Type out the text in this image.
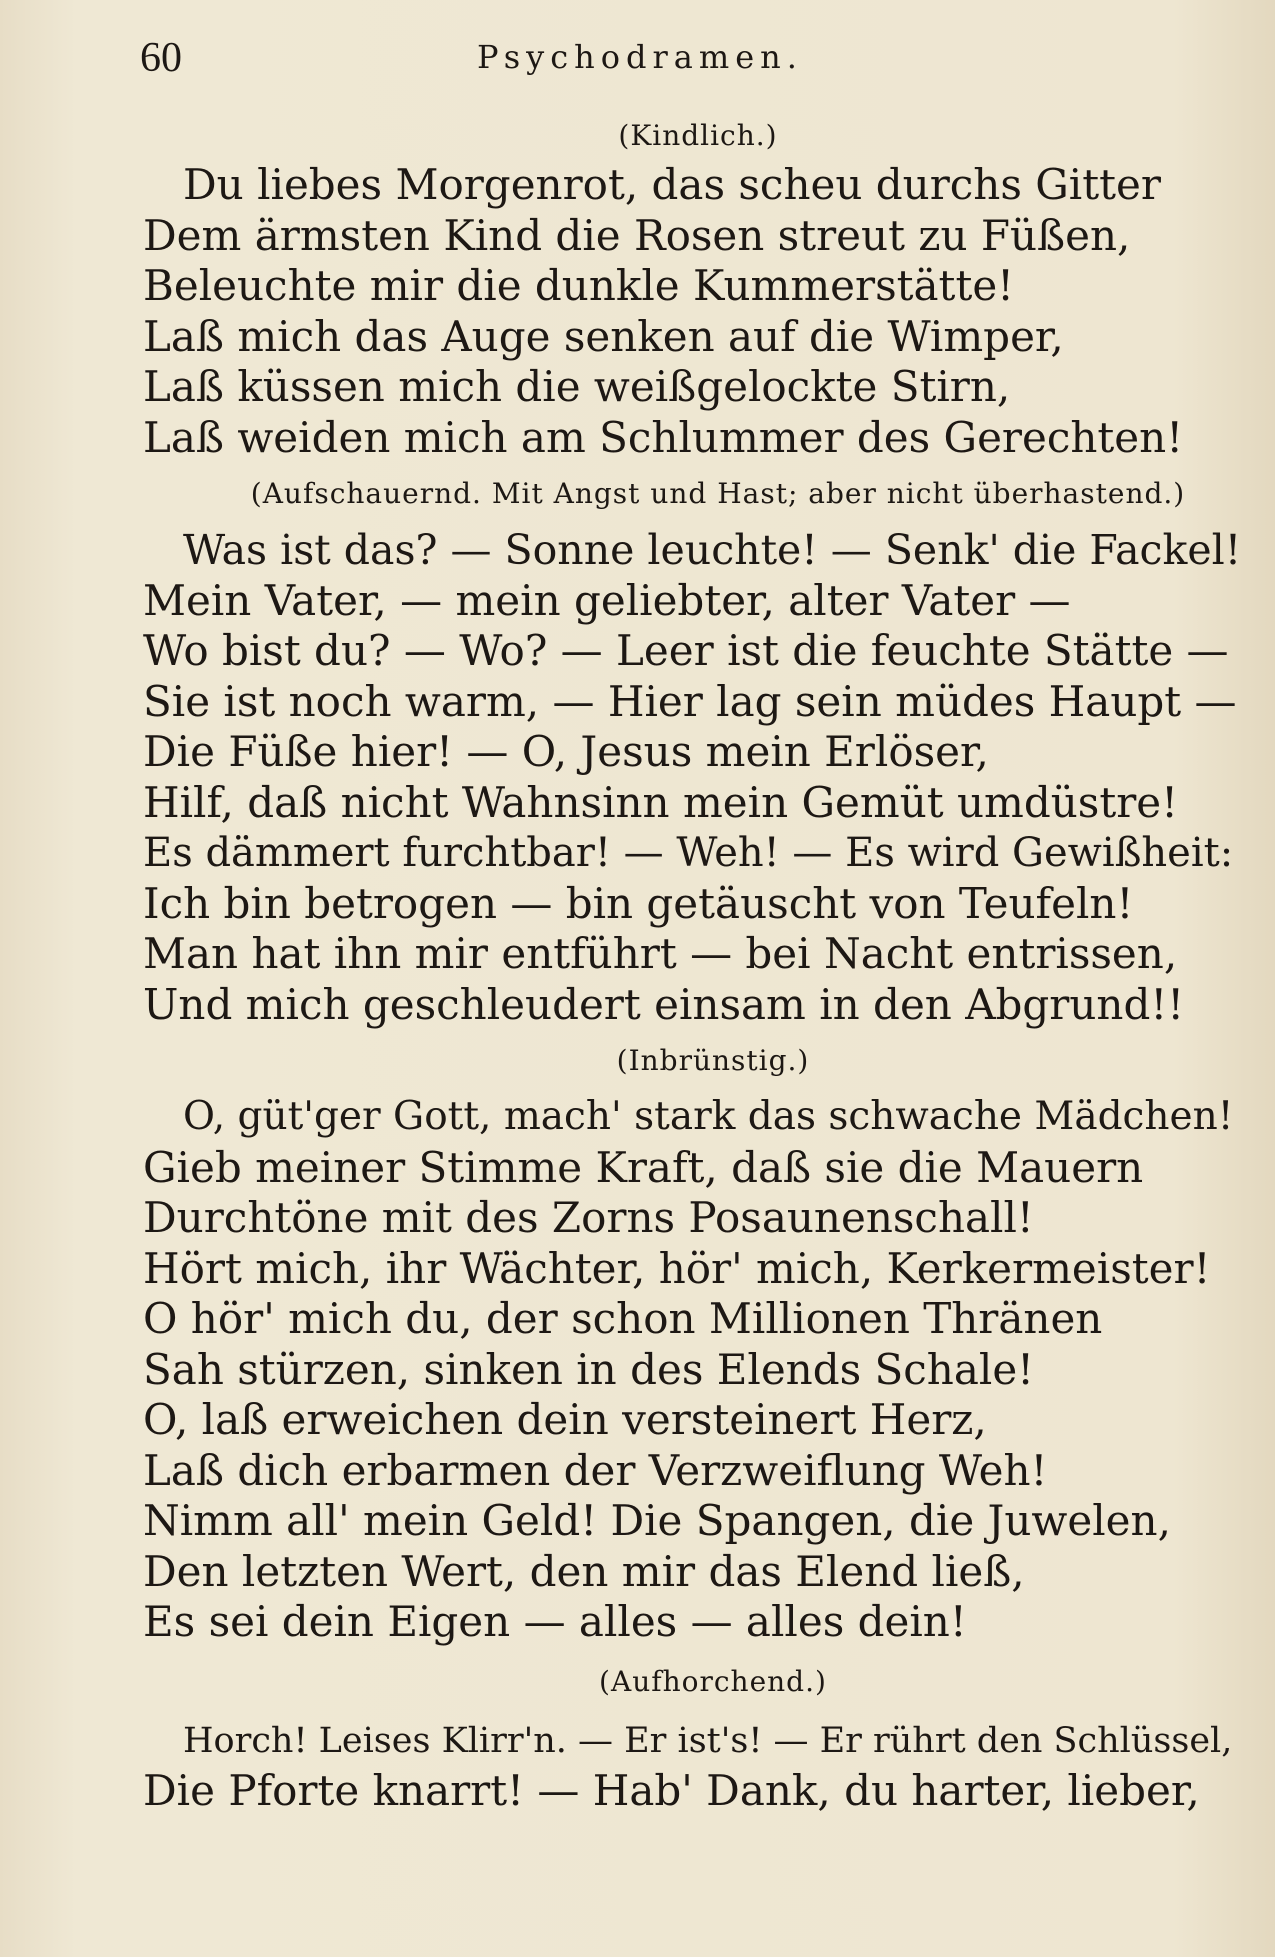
60	Psychodramen.

(Kindlich.)

Du liebes Morgenrot, das scheu durchs Gitter

Dem ärmsten Kind die Rosen streut zu Füßen,

Beleuchte mir die dunkle Kummerstätte!

Laß mich das Auge senken auf die Wimper,

Laß küssen mich die weißgelockte Stirn,

Laß weiden mich am Schlummer des Gerechten!

(Aufschauernd. Mit Angst und Hast; aber nicht überhastend.)

Was ist das? — Sonne leuchte! — Senk' die Fackel!

Mein Vater, — mein geliebter, alter Vater —

Wo bist du? — Wo? — Leer ist die feuchte Stätte —

Sie ist noch warm, — Hier lag sein müdes Haupt —

Die Füße hier! — O, Jesus mein Erlöser,

Hilf, daß nicht Wahnsinn mein Gemüt umdüstre!

Es dämmert furchtbar! — Weh! — Es wird Gewißheit:

Ich bin betrogen — bin getäuscht von Teufeln!

Man hat ihn mir entführt — bei Nacht entrissen,

Und mich geschleudert einsam in den Abgrund!!

(Inbrünstig.)

O, güt'ger Gott, mach' stark das schwache Mädchen!

Gieb meiner Stimme Kraft, daß sie die Mauern

Durchtöne mit des Zorns Posaunenschall!

Hört mich, ihr Wächter, hör' mich, Kerkermeister!

O hör' mich du, der schon Millionen Thränen

Sah stürzen, sinken in des Elends Schale!

O, laß erweichen dein versteinert Herz,

Laß dich erbarmen der Verzweiflung Weh!

Nimm all' mein Geld! Die Spangen, die Juwelen,

Den letzten Wert, den mir das Elend ließ,

Es sei dein Eigen — alles — alles dein!

(Aufhorchend.)

Horch! Leises Klirr'n. — Er ist's! — Er rührt den Schlüssel,

Die Pforte knarrt! — Hab' Dank, du harter, lieber,
